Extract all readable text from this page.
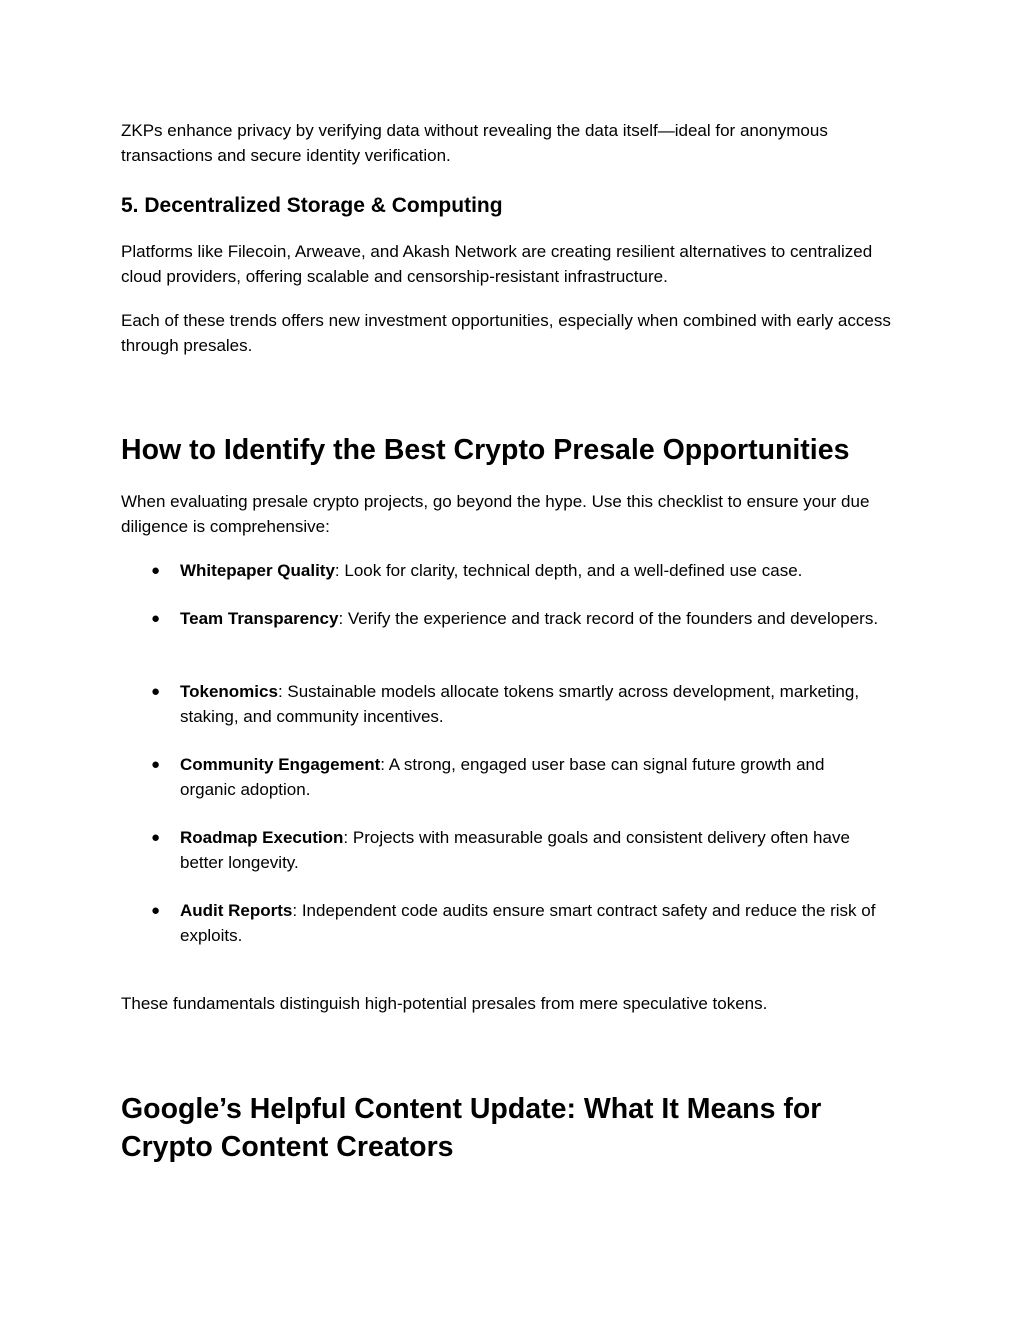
ZKPs enhance privacy by verifying data without revealing the data itself—ideal for anonymous transactions and secure identity verification.

5. Decentralized Storage & Computing

Platforms like Filecoin, Arweave, and Akash Network are creating resilient alternatives to centralized cloud providers, offering scalable and censorship-resistant infrastructure.

Each of these trends offers new investment opportunities, especially when combined with early access through presales.

How to Identify the Best Crypto Presale Opportunities

When evaluating presale crypto projects, go beyond the hype. Use this checklist to ensure your due diligence is comprehensive:

● Whitepaper Quality: Look for clarity, technical depth, and a well-defined use case.
● Team Transparency: Verify the experience and track record of the founders and developers.
● Tokenomics: Sustainable models allocate tokens smartly across development, marketing, staking, and community incentives.
● Community Engagement: A strong, engaged user base can signal future growth and organic adoption.
● Roadmap Execution: Projects with measurable goals and consistent delivery often have better longevity.
● Audit Reports: Independent code audits ensure smart contract safety and reduce the risk of exploits.

These fundamentals distinguish high-potential presales from mere speculative tokens.

Google’s Helpful Content Update: What It Means for Crypto Content Creators
